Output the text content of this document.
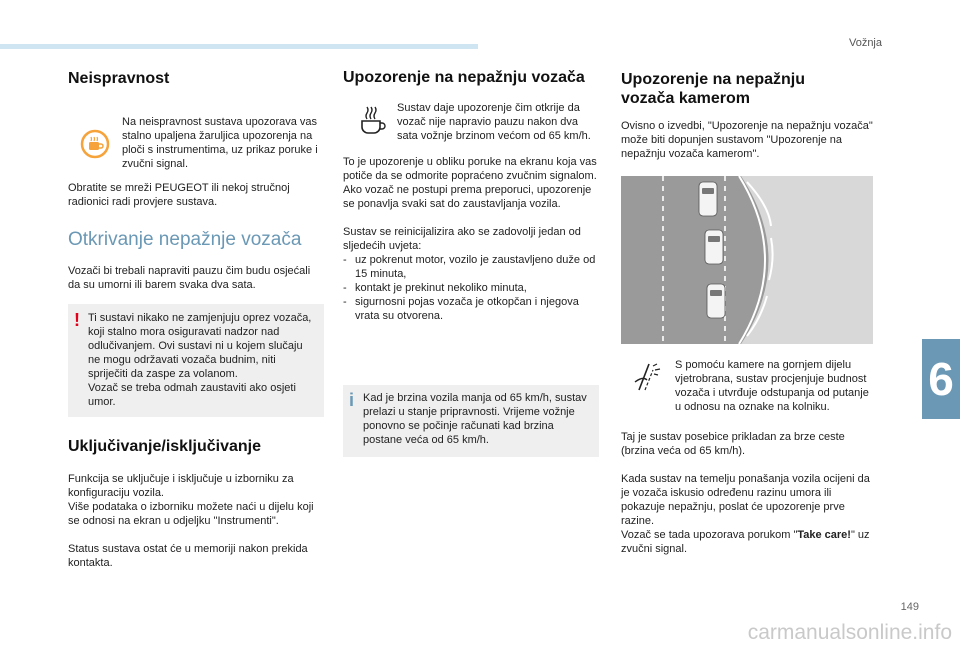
Vožnja
6
149
carmanualsonline.info
Neispravnost

Na neispravnost sustava upozorava vas stalno upaljena žaruljica upozorenja na ploči s instrumentima, uz prikaz poruke i zvučni signal.

Obratite se mreži PEUGEOT ili nekoj stručnoj radionici radi provjere sustava.

Otkrivanje nepažnje vozača

Vozači bi trebali napraviti pauzu čim budu osjećali da su umorni ili barem svaka dva sata.

! Ti sustavi nikako ne zamjenjuju oprez vozača, koji stalno mora osiguravati nadzor nad odlučivanjem. Ovi sustavi ni u kojem slučaju ne mogu održavati vozača budnim, niti spriječiti da zaspe za volanom.

Vozač se treba odmah zaustaviti ako osjeti umor.

Uključivanje/isključivanje

Funkcija se uključuje i isključuje u izborniku za konfiguraciju vozila.

Više podataka o izborniku možete naći u dijelu koji se odnosi na ekran u odjeljku "Instrumenti".

Status sustava ostat će u memoriji nakon prekida kontakta.

Upozorenje na nepažnju vozača

Sustav daje upozorenje čim otkrije da vozač nije napravio pauzu nakon dva sata vožnje brzinom većom od 65 km/h.

To je upozorenje u obliku poruke na ekranu koja vas potiče da se odmorite popraćeno zvučnim signalom.

Ako vozač ne postupi prema preporuci, upozorenje se ponavlja svaki sat do zaustavljanja vozila.

Sustav se reinicijalizira ako se zadovolji jedan od sljedećih uvjeta:

- uz pokrenut motor, vozilo je zaustavljeno duže od 15 minuta,
- kontakt je prekinut nekoliko minuta,
- sigurnosni pojas vozača je otkopčan i njegova vrata su otvorena.
i Kad je brzina vozila manja od 65 km/h, sustav prelazi u stanje pripravnosti. Vrijeme vožnje ponovno se počinje računati kad brzina postane veća od 65 km/h.

Upozorenje na nepažnju vozača kamerom

Ovisno o izvedbi, "Upozorenje na nepažnju vozača" može biti dopunjen sustavom "Upozorenje na nepažnju vozača kamerom".

S pomoću kamere na gornjem dijelu vjetrobrana, sustav procjenjuje budnost vozača i utvrđuje odstupanja od putanje u odnosu na oznake na kolniku.

Taj je sustav posebice prikladan za brze ceste (brzina veća od 65 km/h).

Kada sustav na temelju ponašanja vozila ocijeni da je vozača iskusio određenu razinu umora ili pokazuje nepažnju, poslat će upozorenje prve razine.

Vozač se tada upozorava porukom "Take care!" uz zvučni signal.
